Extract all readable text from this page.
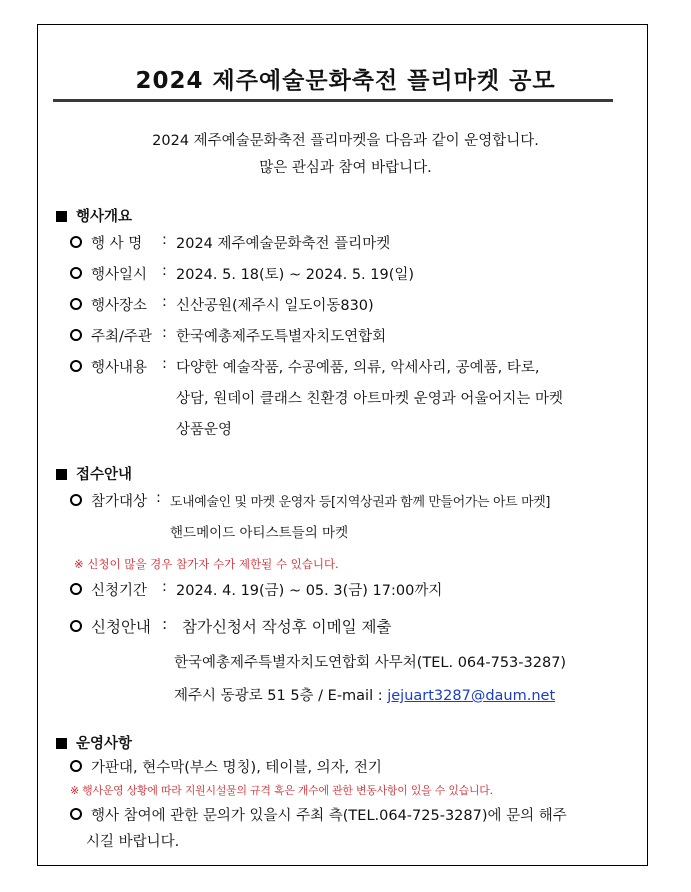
2024 제주예술문화축전 플리마켓 공모
2024 제주예술문화축전 플리마켓을 다음과 같이 운영합니다.
많은 관심과 참여 바랍니다.
행사개요
행 사 명 : 2024 제주예술문화축전 플리마켓
행사일시 : 2024. 5. 18(토) ~ 2024. 5. 19(일)
행사장소 : 신산공원(제주시 일도이동830)
주최/주관 : 한국예총제주도특별자치도연합회
행사내용 : 다양한 예술작품, 수공예품, 의류, 악세사리, 공예품, 타로,
상담, 원데이 클래스 친환경 아트마켓 운영과 어울어지는 마켓
상품운영
접수안내
참가대상 : 도내예술인 및 마켓 운영자 등[지역상권과 함께 만들어가는 아트 마켓]
핸드메이드 아티스트들의 마켓
※ 신청이 많을 경우 참가자 수가 제한될 수 있습니다.
신청기간 : 2024. 4. 19(금) ~ 05. 3(금) 17:00까지
신청안내 : 참가신청서 작성후 이메일 제출
한국예총제주특별자치도연합회 사무처(TEL. 064-753-3287)
제주시 동광로 51 5층 / E-mail : jejuart3287@daum.net
운영사항
가판대, 현수막(부스 명칭), 테이블, 의자, 전기
※ 행사운영 상황에 따라 지원시설물의 규격 혹은 개수에 관한 변동사항이 있을 수 있습니다.
행사 참여에 관한 문의가 있을시 주최 측(TEL.064-725-3287)에 문의 해주
시길 바랍니다.
